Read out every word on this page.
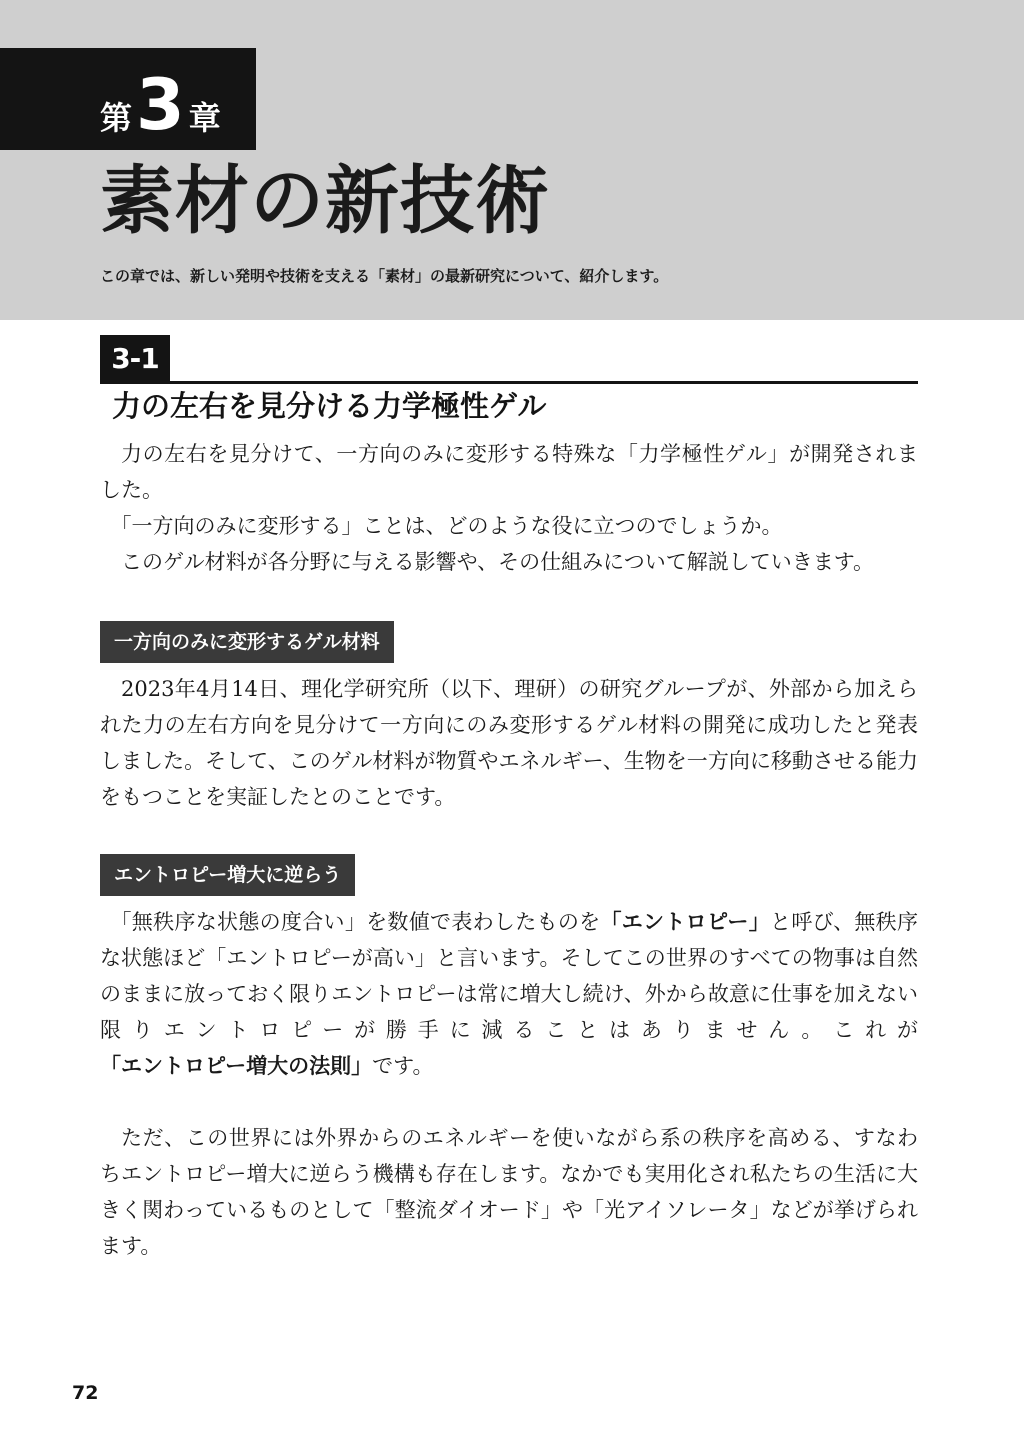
第3 章
素材の新技術
この章では、新しい発明や技術を支える「素材」の最新研究について、紹介します。
3-1
力の左右を見分ける力学極性ゲル

力の左右を見分けて、一方向のみに変形する特殊な「力学極性ゲル」が開発されました。

「一方向のみに変形する」ことは、どのような役に立つのでしょうか。

このゲル材料が各分野に与える影響や、その仕組みについて解説していきます。

一方向のみに変形するゲル材料

2023年4月14日、理化学研究所（以下、理研）の研究グループが、外部から加えられた力の左右方向を見分けて一方向にのみ変形するゲル材料の開発に成功したと発表しました。そして、このゲル材料が物質やエネルギー、生物を一方向に移動させる能力をもつことを実証したとのことです。

エントロピー増大に逆らう

「無秩序な状態の度合い」を数値で表わしたものを「エントロピー」と呼び、無秩序な状態ほど「エントロピーが高い」と言います。そしてこの世界のすべての物事は自然のままに放っておく限りエントロピーは常に増大し続け、外から故意に仕事を加えない限りエントロピーが勝手に減ることはありません。これが「エントロピー増大の法則」です。

ただ、この世界には外界からのエネルギーを使いながら系の秩序を高める、すなわちエントロピー増大に逆らう機構も存在します。なかでも実用化され私たちの生活に大きく関わっているものとして「整流ダイオード」や「光アイソレータ」などが挙げられます。

72
